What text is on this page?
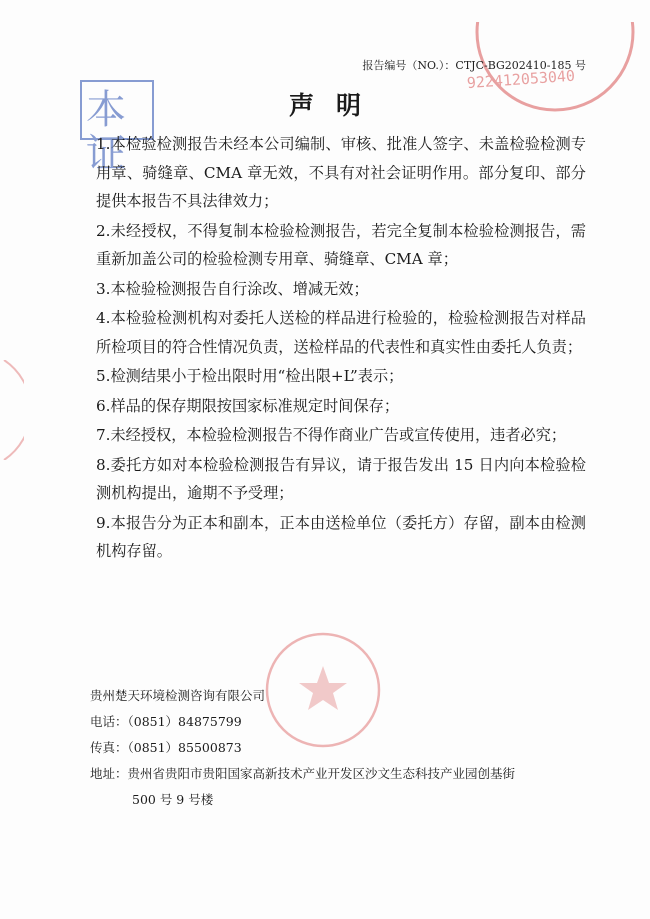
报告编号（NO.）：CTJC-BG202410-185 号
本证
922412053040
声明

1.本检验检测报告未经本公司编制、审核、批准人签字、未盖检验检测专用章、骑缝章、CMA 章无效，不具有对社会证明作用。部分复印、部分提供本报告不具法律效力；

2.未经授权，不得复制本检验检测报告，若完全复制本检验检测报告，需重新加盖公司的检验检测专用章、骑缝章、CMA 章；

3.本检验检测报告自行涂改、增减无效；

4.本检验检测机构对委托人送检的样品进行检验的，检验检测报告对样品所检项目的符合性情况负责，送检样品的代表性和真实性由委托人负责；

5.检测结果小于检出限时用“检出限+L”表示；

6.样品的保存期限按国家标准规定时间保存；

7.未经授权，本检验检测报告不得作商业广告或宣传使用，违者必究；

8.委托方如对本检验检测报告有异议，请于报告发出 15 日内向本检验检测机构提出，逾期不予受理；

9.本报告分为正本和副本，正本由送检单位（委托方）存留，副本由检测机构存留。

贵州楚天环境检测咨询有限公司
电话：（0851）84875799
传真：（0851）85500873
地址：贵州省贵阳市贵阳国家高新技术产业开发区沙文生态科技产业园创基街
500 号 9 号楼
